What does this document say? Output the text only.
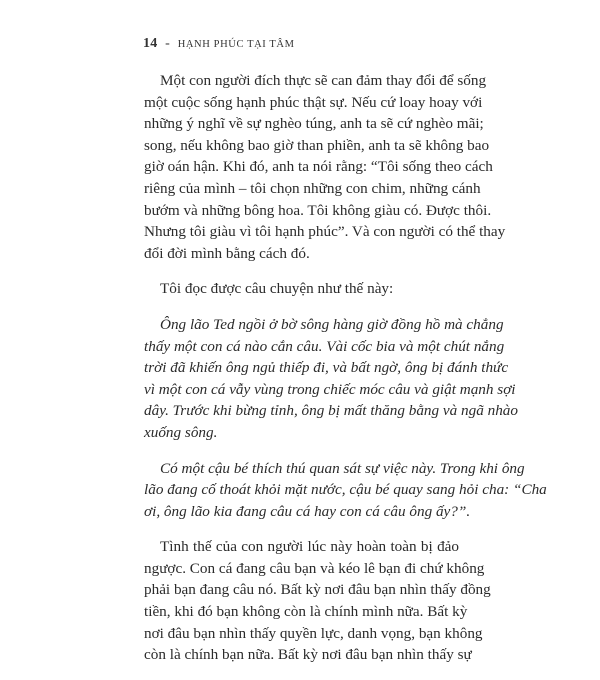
14 - HẠNH PHÚC TẠI TÂM
Một con người đích thực sẽ can đảm thay đổi để sống
một cuộc sống hạnh phúc thật sự. Nếu cứ loay hoay với
những ý nghĩ về sự nghèo túng, anh ta sẽ cứ nghèo mãi;
song, nếu không bao giờ than phiền, anh ta sẽ không bao
giờ oán hận. Khi đó, anh ta nói rằng: “Tôi sống theo cách
riêng của mình – tôi chọn những con chim, những cánh
bướm và những bông hoa. Tôi không giàu có. Được thôi.
Nhưng tôi giàu vì tôi hạnh phúc”. Và con người có thể thay
đổi đời mình bằng cách đó.
Tôi đọc được câu chuyện như thế này:
Ông lão Ted ngồi ở bờ sông hàng giờ đồng hồ mà chẳng
thấy một con cá nào cắn câu. Vài cốc bia và một chút nắng
trời đã khiến ông ngủ thiếp đi, và bất ngờ, ông bị đánh thức
vì một con cá vẫy vùng trong chiếc móc câu và giật mạnh sợi
dây. Trước khi bừng tỉnh, ông bị mất thăng bằng và ngã nhào
xuống sông.
Có một cậu bé thích thú quan sát sự việc này. Trong khi ông
lão đang cố thoát khỏi mặt nước, cậu bé quay sang hỏi cha: “Cha
ơi, ông lão kia đang câu cá hay con cá câu ông ấy?”.
Tình thế của con người lúc này hoàn toàn bị đảo
ngược. Con cá đang câu bạn và kéo lê bạn đi chứ không
phải bạn đang câu nó. Bất kỳ nơi đâu bạn nhìn thấy đồng
tiền, khi đó bạn không còn là chính mình nữa. Bất kỳ
nơi đâu bạn nhìn thấy quyền lực, danh vọng, bạn không
còn là chính bạn nữa. Bất kỳ nơi đâu bạn nhìn thấy sự
